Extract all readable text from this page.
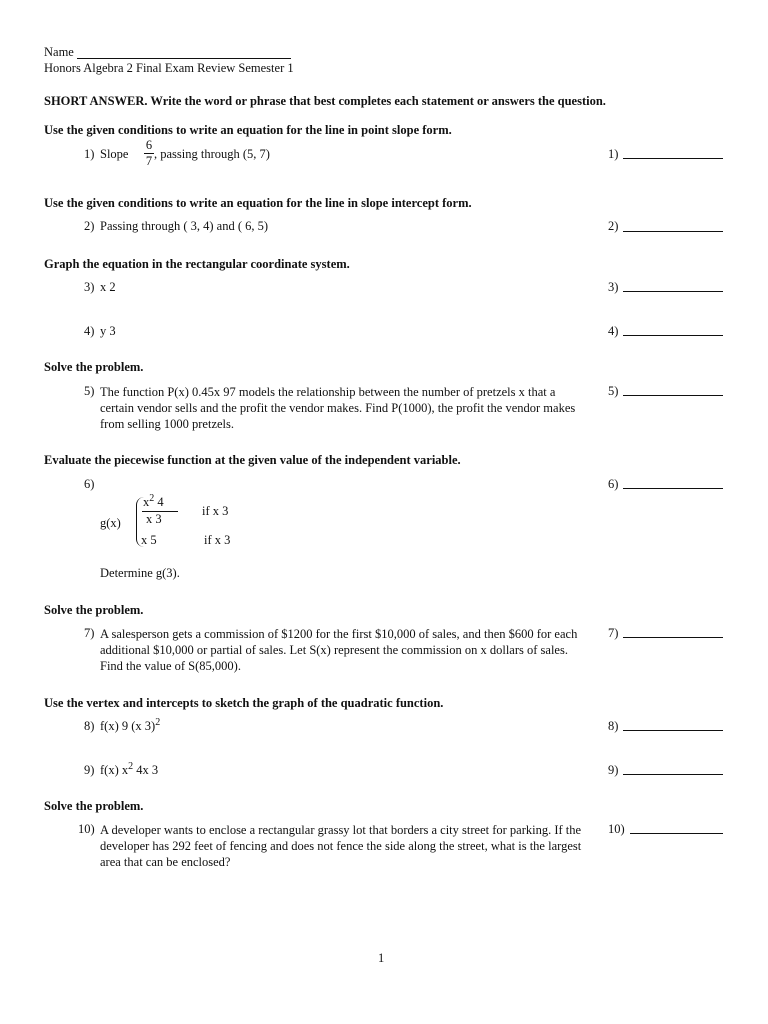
Name
Honors Algebra 2 Final Exam Review Semester 1
SHORT ANSWER. Write the word or phrase that best completes each statement or answers the question.
Use the given conditions to write an equation for the line in point slope form.
1) Slope
6
7 , passing through (5, 7)	1)
Use the given conditions to write an equation for the line in slope intercept form.
2) Passing through ( 3, 4) and ( 6, 5)	2)
Graph the equation in the rectangular coordinate system.
3) x 2	3)
4) y 3	4)
Solve the problem.
5) The function P(x) 0.45x 97 models the relationship between the number of pretzels x that a certain vendor sells and the profit the vendor makes. Find P(1000), the profit the vendor makes from selling 1000 pretzels.
5)
Evaluate the piecewise function at the given value of the independent variable.
6)	6)
g(x)
$x^2$ 4
x 3
if x 3
x 5	if x 3
Determine g(3).
Solve the problem.
7) A salesperson gets a commission of $1200 for the first $10,000 of sales, and then $600 for each additional $10,000 or partial of sales. Let S(x) represent the commission on x dollars of sales. Find the value of S(85,000).
7)
Use the vertex and intercepts to sketch the graph of the quadratic function.
8) f(x) 9 (x 3)$^2$	8)
9) f(x) $x^2$ 4x 3	9)
Solve the problem.
10) A developer wants to enclose a rectangular grassy lot that borders a city street for parking. If the developer has 292 feet of fencing and does not fence the side along the street, what is the largest area that can be enclosed?
10)
1
